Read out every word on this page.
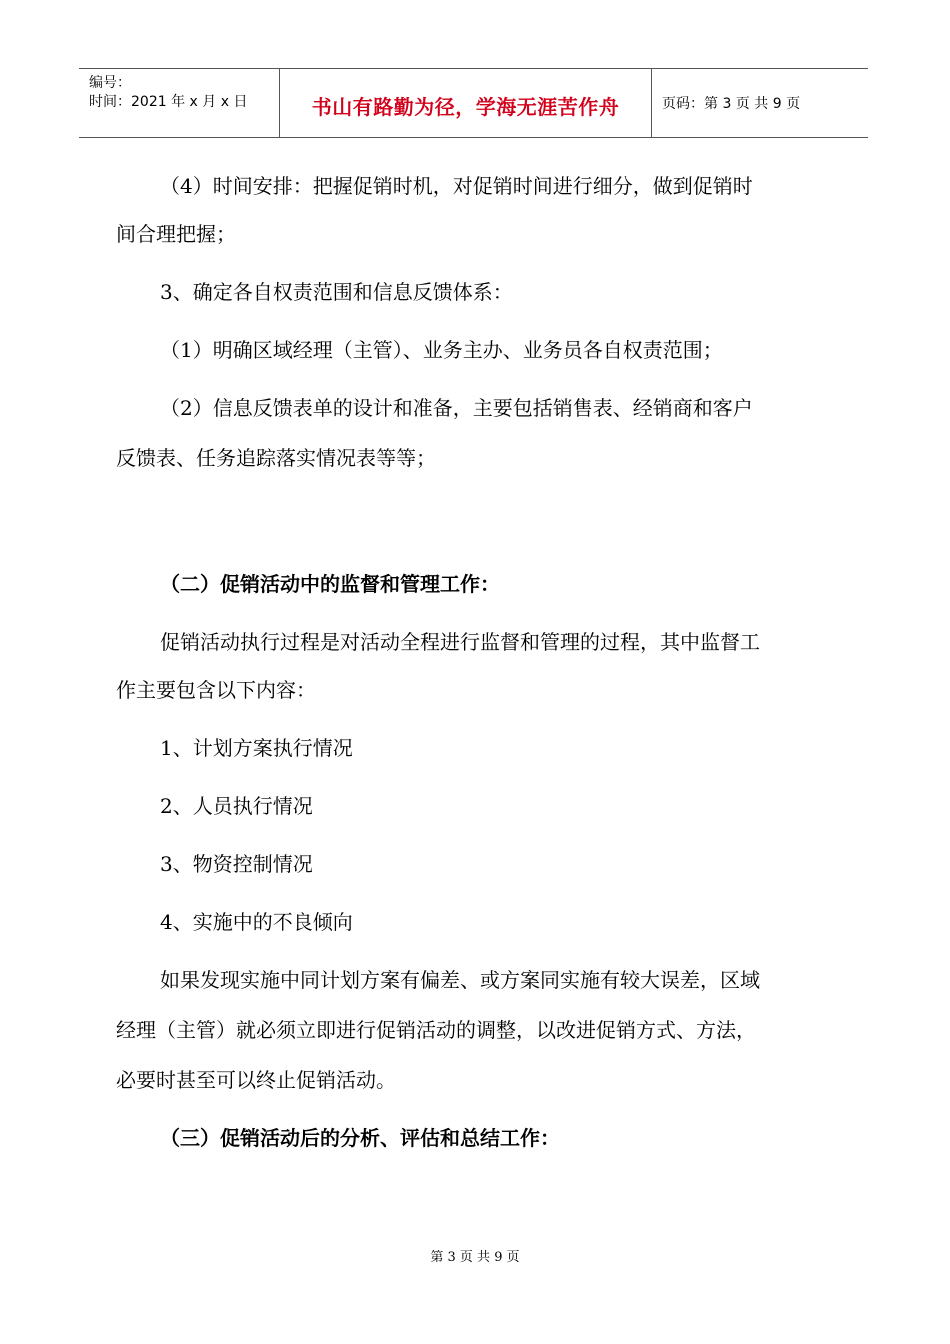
编号：
时间：2021 年 x 月 x 日	书山有路勤为径，学海无涯苦作舟	页码：第 3 页 共 9 页
（4）时间安排：把握促销时机，对促销时间进行细分，做到促销时
间合理把握；
3、确定各自权责范围和信息反馈体系：
（1）明确区域经理（主管）、业务主办、业务员各自权责范围；
（2）信息反馈表单的设计和准备，主要包括销售表、经销商和客户
反馈表、任务追踪落实情况表等等；
（二）促销活动中的监督和管理工作：
促销活动执行过程是对活动全程进行监督和管理的过程，其中监督工
作主要包含以下内容：
1、计划方案执行情况
2、人员执行情况
3、物资控制情况
4、实施中的不良倾向
如果发现实施中同计划方案有偏差、或方案同实施有较大误差，区域
经理（主管）就必须立即进行促销活动的调整，以改进促销方式、方法，
必要时甚至可以终止促销活动。
（三）促销活动后的分析、评估和总结工作：
第 3 页 共 9 页
